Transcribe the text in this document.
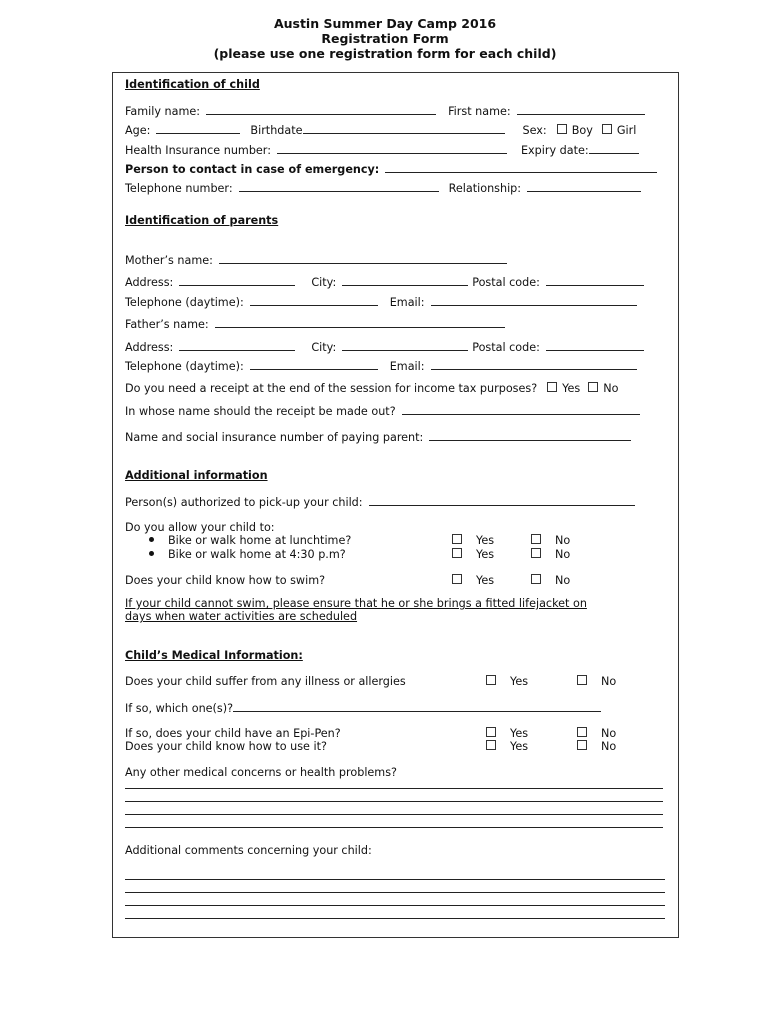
Austin Summer Day Camp 2016
Registration Form
(please use one registration form for each child)
Identification of child
Family name:	First name:
Age:	Birthdate	Sex: Boy Girl
Health Insurance number:	Expiry date:
Person to contact in case of emergency:
Telephone number:	Relationship:
Identification of parents
Mother’s name:
Address:	City:	Postal code:
Telephone (daytime):	Email:
Father’s name:
Address:	City:	Postal code:
Telephone (daytime):	Email:
Do you need a receipt at the end of the session for income tax purposes? Yes No
In whose name should the receipt be made out?
Name and social insurance number of paying parent:
Additional information
Person(s) authorized to pick-up your child:
Do you allow your child to:
Bike or walk home at lunchtime?	Yes	No
Bike or walk home at 4:30 p.m?	Yes	No
Does your child know how to swim?	Yes	No
If your child cannot swim, please ensure that he or she brings a fitted lifejacket on
days when water activities are scheduled
Child’s Medical Information:
Does your child suffer from any illness or allergies	Yes	No
If so, which one(s)?
If so, does your child have an Epi-Pen?	Yes	No
Does your child know how to use it?	Yes	No
Any other medical concerns or health problems?
Additional comments concerning your child:
